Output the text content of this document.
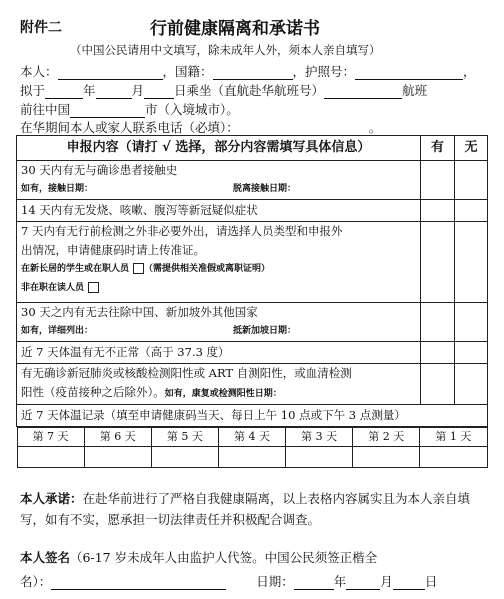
附件二	行前健康隔离和承诺书
（中国公民请用中文填写，除未成年人外，须本人亲自填写）
本人：	，国籍：	，护照号：	，
拟于	年	月 日乘坐（直航赴华航班号）	航班
前往中国	市（入境城市）。
在华期间本人或家人联系电话（必填）：	。
申报内容（请打 √ 选择，部分内容需填写具体信息）	有	无

30 天内有无与确诊患者接触史
如有，接触日期：	脱离接触日期：

14 天内有无发烧、咳嗽、腹泻等新冠疑似症状		

7 天内有无行前检测之外非必要外出，请选择人员类型和申报外
出情况，申请健康码时请上传准证。
在新长居的学生或在职人员 （需提供相关准假或离职证明）
非在职在读人员

30 天之内有无去往除中国、新加坡外其他国家
如有，详细列出：	抵新加坡日期：

近 7 天体温有无不正常（高于 37.3 度）		

有无确诊新冠肺炎或核酸检测阳性或 ART 自测阳性，或血清检测
阳性（疫苗接种之后除外）。如有，康复或检测阳性日期：

近 7 天体温记录（填至申请健康码当天、每日上午 10 点或下午 3 点测量）

第 7 天	第 6 天	第 5 天	第 4 天	第 3 天	第 2 天	第 1 天

本人承诺：在赴华前进行了严格自我健康隔离，以上表格内容属实且为本人亲自填写，如有不实，愿承担一切法律责任并积极配合调查。
本人签名（6-17 岁未成年人由监护人代签。中国公民须签正楷全
名）：	日期：	年	月	日
